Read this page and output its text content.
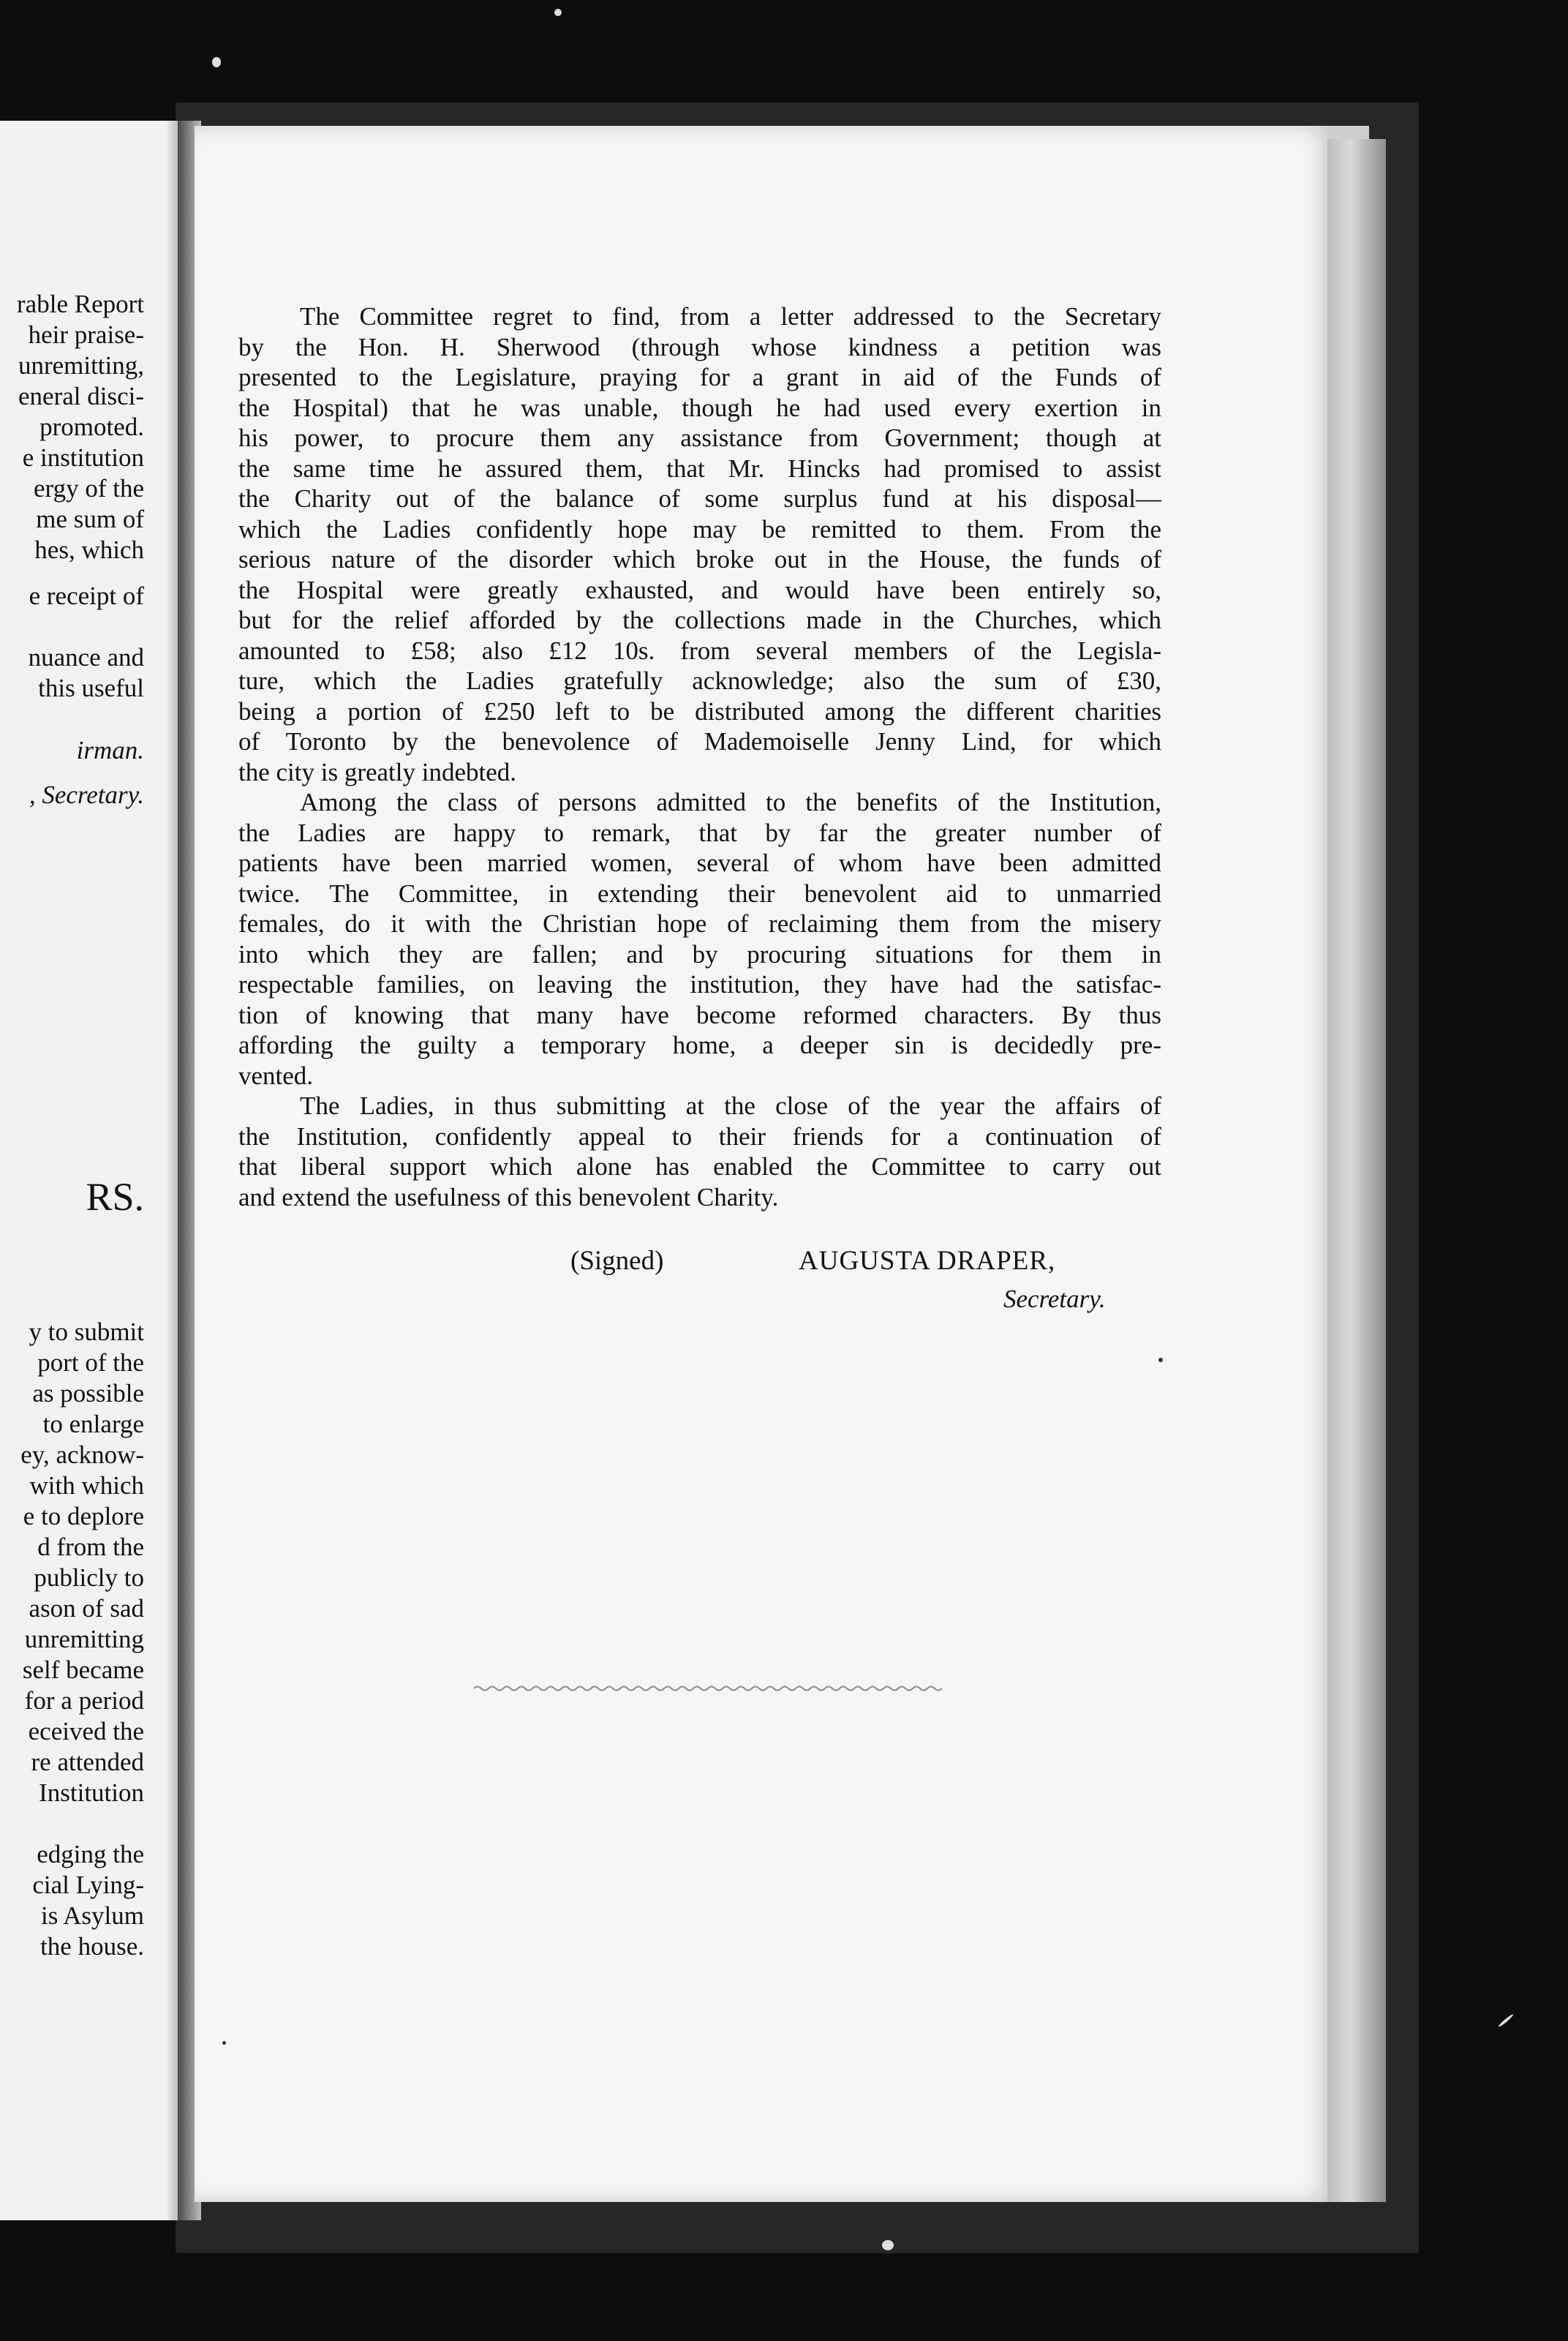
rable Report
heir praise-
unremitting,
eneral disci-
promoted.
e institution
ergy of the
me sum of
hes, which
e receipt of
nuance and
this useful
irman.
, Secretary.
RS.
y to submit
port of the
as possible
to enlarge
ey, acknow-
with which
e to deplore
d from the
publicly to
ason of sad
unremitting
self became
for a period
eceived the
re attended
Institution
edging the
cial Lying-
is Asylum
the house.
The Committee regret to find, from a letter addressed to the Secretary
by the Hon. H. Sherwood (through whose kindness a petition was
presented to the Legislature, praying for a grant in aid of the Funds of
the Hospital) that he was unable, though he had used every exertion in
his power, to procure them any assistance from Government; though at
the same time he assured them, that Mr. Hincks had promised to assist
the Charity out of the balance of some surplus fund at his disposal—
which the Ladies confidently hope may be remitted to them. From the
serious nature of the disorder which broke out in the House, the funds of
the Hospital were greatly exhausted, and would have been entirely so,
but for the relief afforded by the collections made in the Churches, which
amounted to £58; also £12 10s. from several members of the Legisla-
ture, which the Ladies gratefully acknowledge; also the sum of £30,
being a portion of £250 left to be distributed among the different charities
of Toronto by the benevolence of Mademoiselle Jenny Lind, for which
the city is greatly indebted.
Among the class of persons admitted to the benefits of the Institution,
the Ladies are happy to remark, that by far the greater number of
patients have been married women, several of whom have been admitted
twice. The Committee, in extending their benevolent aid to unmarried
females, do it with the Christian hope of reclaiming them from the misery
into which they are fallen; and by procuring situations for them in
respectable families, on leaving the institution, they have had the satisfac-
tion of knowing that many have become reformed characters. By thus
affording the guilty a temporary home, a deeper sin is decidedly pre-
vented.
The Ladies, in thus submitting at the close of the year the affairs of
the Institution, confidently appeal to their friends for a continuation of
that liberal support which alone has enabled the Committee to carry out
and extend the usefulness of this benevolent Charity.
(Signed)	AUGUSTA DRAPER,
Secretary.
